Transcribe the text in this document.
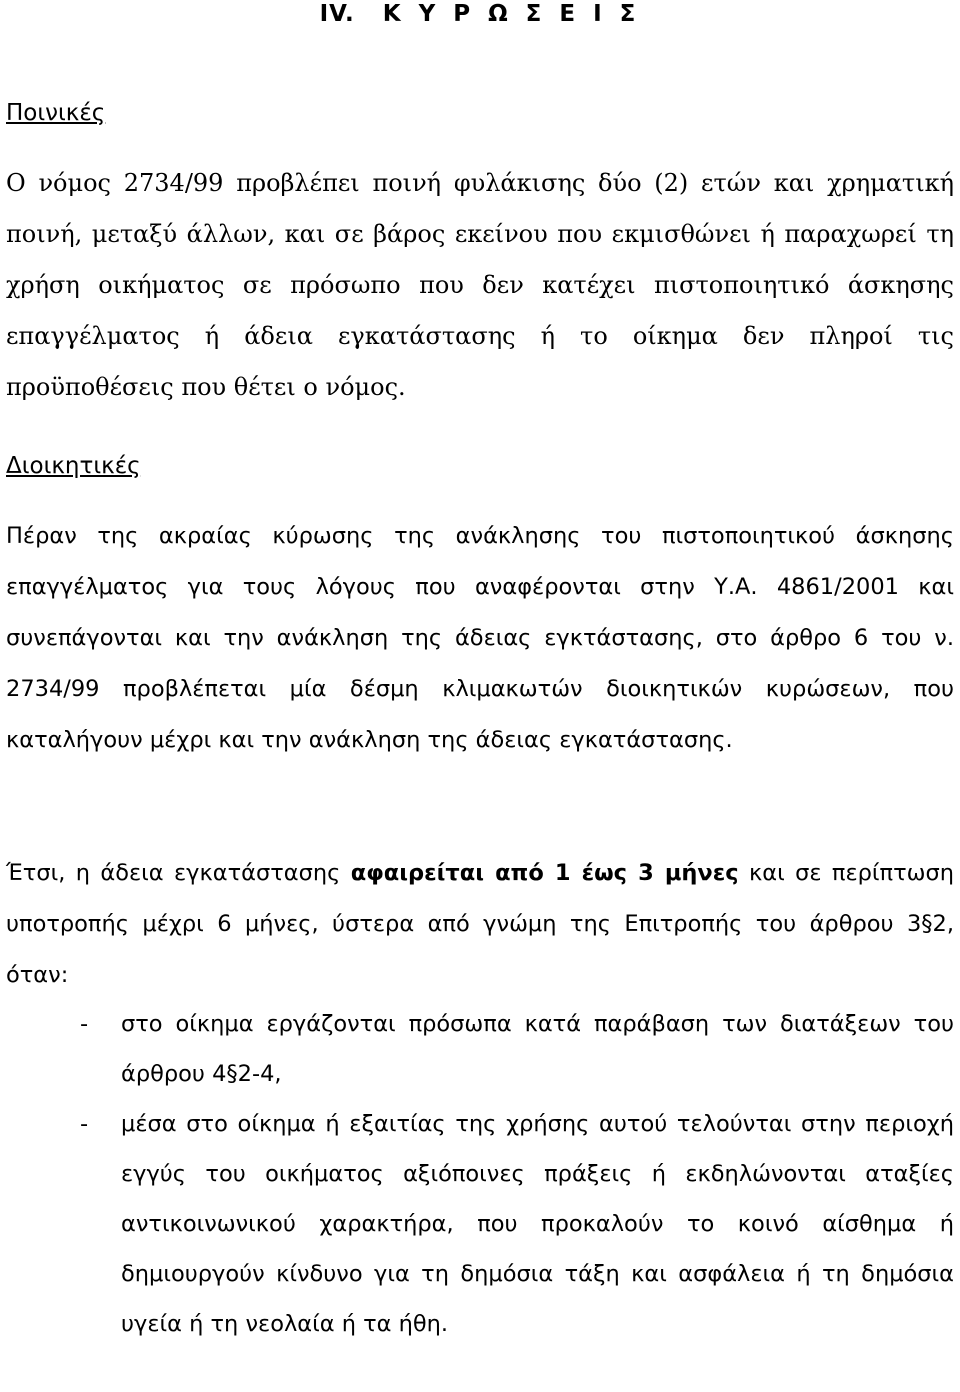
IV. Κ Υ Ρ Ω Σ Ε Ι Σ
Ποινικές

Ο νόμος 2734/99 προβλέπει ποινή φυλάκισης δύο (2) ετών και χρηματική ποινή, μεταξύ άλλων, και σε βάρος εκείνου που εκμισθώνει ή παραχωρεί τη χρήση οικήματος σε πρόσωπο που δεν κατέχει πιστοποιητικό άσκησης επαγγέλματος ή άδεια εγκατάστασης ή το οίκημα δεν πληροί τις προϋποθέσεις που θέτει ο νόμος.

Διοικητικές

Πέραν της ακραίας κύρωσης της ανάκλησης του πιστοποιητικού άσκησης επαγγέλματος για τους λόγους που αναφέρονται στην Υ.Α. 4861/2001 και συνεπάγονται και την ανάκληση της άδειας εγκτάστασης, στο άρθρο 6 του ν. 2734/99 προβλέπεται μία δέσμη κλιμακωτών διοικητικών κυρώσεων, που καταλήγουν μέχρι και την ανάκληση της άδειας εγκατάστασης.

Έτσι, η άδεια εγκατάστασης αφαιρείται από 1 έως 3 μήνες και σε περίπτωση υποτροπής μέχρι 6 μήνες, ύστερα από γνώμη της Επιτροπής του άρθρου 3§2, όταν:

- στο οίκημα εργάζονται πρόσωπα κατά παράβαση των διατάξεων του άρθρου 4§2-4,
- μέσα στο οίκημα ή εξαιτίας της χρήσης αυτού τελούνται στην περιοχή εγγύς του οικήματος αξιόποινες πράξεις ή εκδηλώνονται αταξίες αντικοινωνικού χαρακτήρα, που προκαλούν το κοινό αίσθημα ή δημιουργούν κίνδυνο για τη δημόσια τάξη και ασφάλεια ή τη δημόσια υγεία ή τη νεολαία ή τα ήθη.
